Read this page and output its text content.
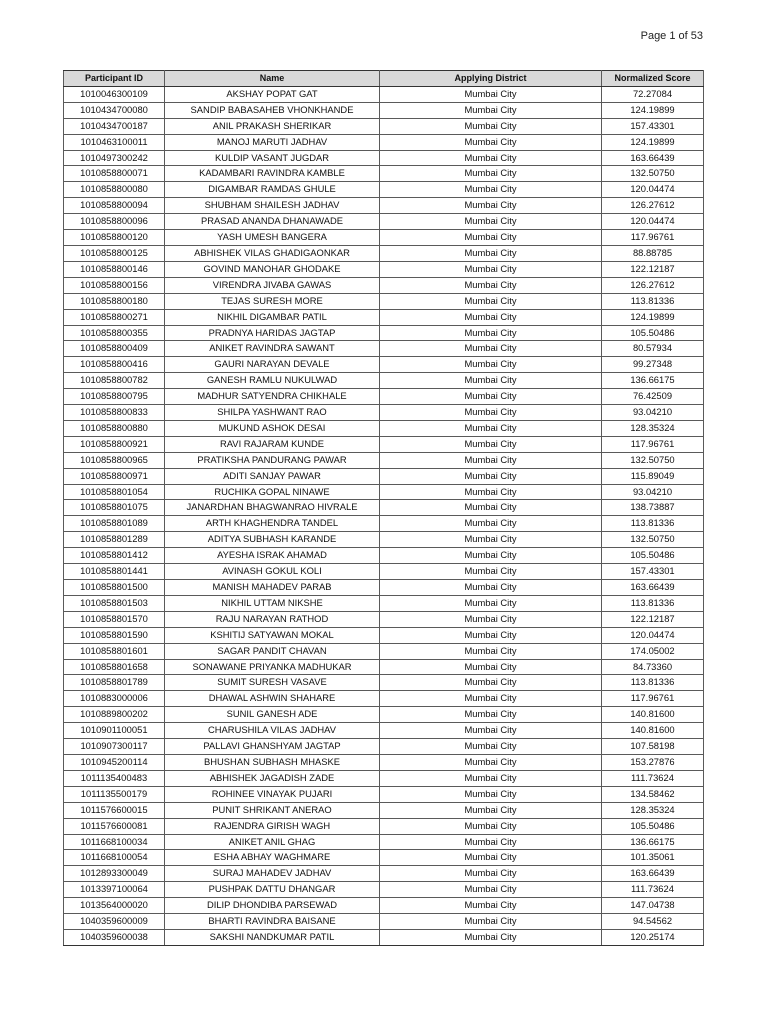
Page 1 of 53
Participant ID	Name	Applying District	Normalized Score
1010046300109	AKSHAY POPAT GAT	Mumbai City	72.27084
1010434700080	SANDIP BABASAHEB VHONKHANDE	Mumbai City	124.19899
1010434700187	ANIL PRAKASH SHERIKAR	Mumbai City	157.43301
1010463100011	MANOJ MARUTI JADHAV	Mumbai City	124.19899
1010497300242	KULDIP VASANT JUGDAR	Mumbai City	163.66439
1010858800071	KADAMBARI RAVINDRA KAMBLE	Mumbai City	132.50750
1010858800080	DIGAMBAR RAMDAS GHULE	Mumbai City	120.04474
1010858800094	SHUBHAM SHAILESH JADHAV	Mumbai City	126.27612
1010858800096	PRASAD ANANDA DHANAWADE	Mumbai City	120.04474
1010858800120	YASH UMESH BANGERA	Mumbai City	117.96761
1010858800125	ABHISHEK VILAS GHADIGAONKAR	Mumbai City	88.88785
1010858800146	GOVIND MANOHAR GHODAKE	Mumbai City	122.12187
1010858800156	VIRENDRA JIVABA GAWAS	Mumbai City	126.27612
1010858800180	TEJAS SURESH MORE	Mumbai City	113.81336
1010858800271	NIKHIL DIGAMBAR PATIL	Mumbai City	124.19899
1010858800355	PRADNYA HARIDAS JAGTAP	Mumbai City	105.50486
1010858800409	ANIKET RAVINDRA SAWANT	Mumbai City	80.57934
1010858800416	GAURI NARAYAN DEVALE	Mumbai City	99.27348
1010858800782	GANESH RAMLU NUKULWAD	Mumbai City	136.66175
1010858800795	MADHUR SATYENDRA CHIKHALE	Mumbai City	76.42509
1010858800833	SHILPA YASHWANT RAO	Mumbai City	93.04210
1010858800880	MUKUND ASHOK DESAI	Mumbai City	128.35324
1010858800921	RAVI RAJARAM KUNDE	Mumbai City	117.96761
1010858800965	PRATIKSHA PANDURANG PAWAR	Mumbai City	132.50750
1010858800971	ADITI SANJAY PAWAR	Mumbai City	115.89049
1010858801054	RUCHIKA GOPAL NINAWE	Mumbai City	93.04210
1010858801075	JANARDHAN BHAGWANRAO HIVRALE	Mumbai City	138.73887
1010858801089	ARTH KHAGHENDRA TANDEL	Mumbai City	113.81336
1010858801289	ADITYA SUBHASH KARANDE	Mumbai City	132.50750
1010858801412	AYESHA ISRAK AHAMAD	Mumbai City	105.50486
1010858801441	AVINASH GOKUL KOLI	Mumbai City	157.43301
1010858801500	MANISH MAHADEV PARAB	Mumbai City	163.66439
1010858801503	NIKHIL UTTAM NIKSHE	Mumbai City	113.81336
1010858801570	RAJU NARAYAN RATHOD	Mumbai City	122.12187
1010858801590	KSHITIJ SATYAWAN MOKAL	Mumbai City	120.04474
1010858801601	SAGAR PANDIT CHAVAN	Mumbai City	174.05002
1010858801658	SONAWANE PRIYANKA MADHUKAR	Mumbai City	84.73360
1010858801789	SUMIT SURESH VASAVE	Mumbai City	113.81336
1010883000006	DHAWAL ASHWIN SHAHARE	Mumbai City	117.96761
1010889800202	SUNIL GANESH ADE	Mumbai City	140.81600
1010901100051	CHARUSHILA VILAS JADHAV	Mumbai City	140.81600
1010907300117	PALLAVI GHANSHYAM JAGTAP	Mumbai City	107.58198
1010945200114	BHUSHAN SUBHASH MHASKE	Mumbai City	153.27876
1011135400483	ABHISHEK JAGADISH ZADE	Mumbai City	111.73624
1011135500179	ROHINEE VINAYAK PUJARI	Mumbai City	134.58462
1011576600015	PUNIT SHRIKANT ANERAO	Mumbai City	128.35324
1011576600081	RAJENDRA GIRISH WAGH	Mumbai City	105.50486
1011668100034	ANIKET ANIL GHAG	Mumbai City	136.66175
1011668100054	ESHA ABHAY WAGHMARE	Mumbai City	101.35061
1012893300049	SURAJ MAHADEV JADHAV	Mumbai City	163.66439
1013397100064	PUSHPAK DATTU DHANGAR	Mumbai City	111.73624
1013564000020	DILIP DHONDIBA PARSEWAD	Mumbai City	147.04738
1040359600009	BHARTI RAVINDRA BAISANE	Mumbai City	94.54562
1040359600038	SAKSHI NANDKUMAR PATIL	Mumbai City	120.25174
